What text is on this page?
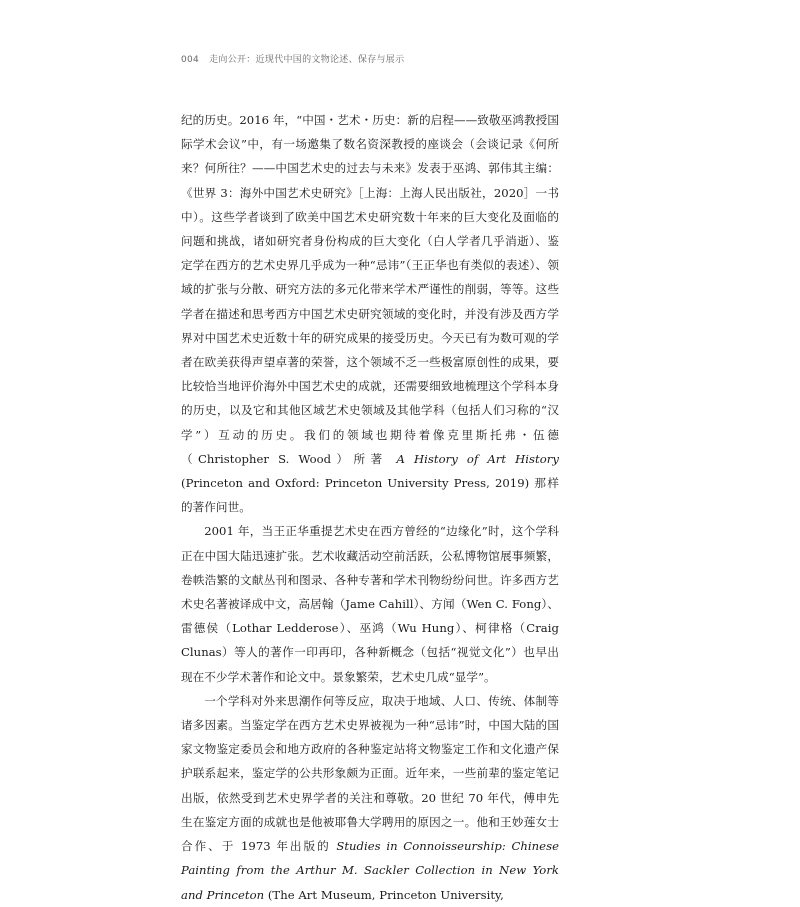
004 走向公开：近现代中国的文物论述、保存与展示

纪的历史。2016 年，“中国・艺术・历史：新的启程——致敬巫鸿教授国际学术会议”中，有一场邀集了数名资深教授的座谈会（会谈记录《何所来？何所往？——中国艺术史的过去与未来》发表于巫鸿、郭伟其主编：《世界 3：海外中国艺术史研究》［上海：上海人民出版社，2020］一书中）。这些学者谈到了欧美中国艺术史研究数十年来的巨大变化及面临的问题和挑战，诸如研究者身份构成的巨大变化（白人学者几乎消逝）、鉴定学在西方的艺术史界几乎成为一种“忌讳”（王正华也有类似的表述）、领域的扩张与分散、研究方法的多元化带来学术严谨性的削弱，等等。这些学者在描述和思考西方中国艺术史研究领域的变化时，并没有涉及西方学界对中国艺术史近数十年的研究成果的接受历史。今天已有为数可观的学者在欧美获得声望卓著的荣誉，这个领域不乏一些极富原创性的成果，要比较恰当地评价海外中国艺术史的成就，还需要细致地梳理这个学科本身的历史，以及它和其他区域艺术史领域及其他学科（包括人们习称的“汉学”）互动的历史。我们的领域也期待着像克里斯托弗・伍德（Christopher S. Wood）所著 A History of Art History (Princeton and Oxford: Princeton University Press, 2019) 那样的著作问世。

2001 年，当王正华重提艺术史在西方曾经的“边缘化”时，这个学科正在中国大陆迅速扩张。艺术收藏活动空前活跃，公私博物馆展事频繁，卷帙浩繁的文献丛刊和图录、各种专著和学术刊物纷纷问世。许多西方艺术史名著被译成中文，高居翰（Jame Cahill）、方闻（Wen C. Fong）、雷德侯（Lothar Ledderose）、巫鸿（Wu Hung）、柯律格（Craig Clunas）等人的著作一印再印，各种新概念（包括“视觉文化”）也早出现在不少学术著作和论文中。景象繁荣，艺术史几成“显学”。

一个学科对外来思潮作何等反应，取决于地域、人口、传统、体制等诸多因素。当鉴定学在西方艺术史界被视为一种“忌讳”时，中国大陆的国家文物鉴定委员会和地方政府的各种鉴定站将文物鉴定工作和文化遗产保护联系起来，鉴定学的公共形象颇为正面。近年来，一些前辈的鉴定笔记出版，依然受到艺术史界学者的关注和尊敬。20 世纪 70 年代，傅申先生在鉴定方面的成就也是他被耶鲁大学聘用的原因之一。他和王妙莲女士合作、于 1973 年出版的 Studies in Connoisseurship: Chinese Painting from the Arthur M. Sackler Collection in New York and Princeton (The Art Museum, Princeton University,
